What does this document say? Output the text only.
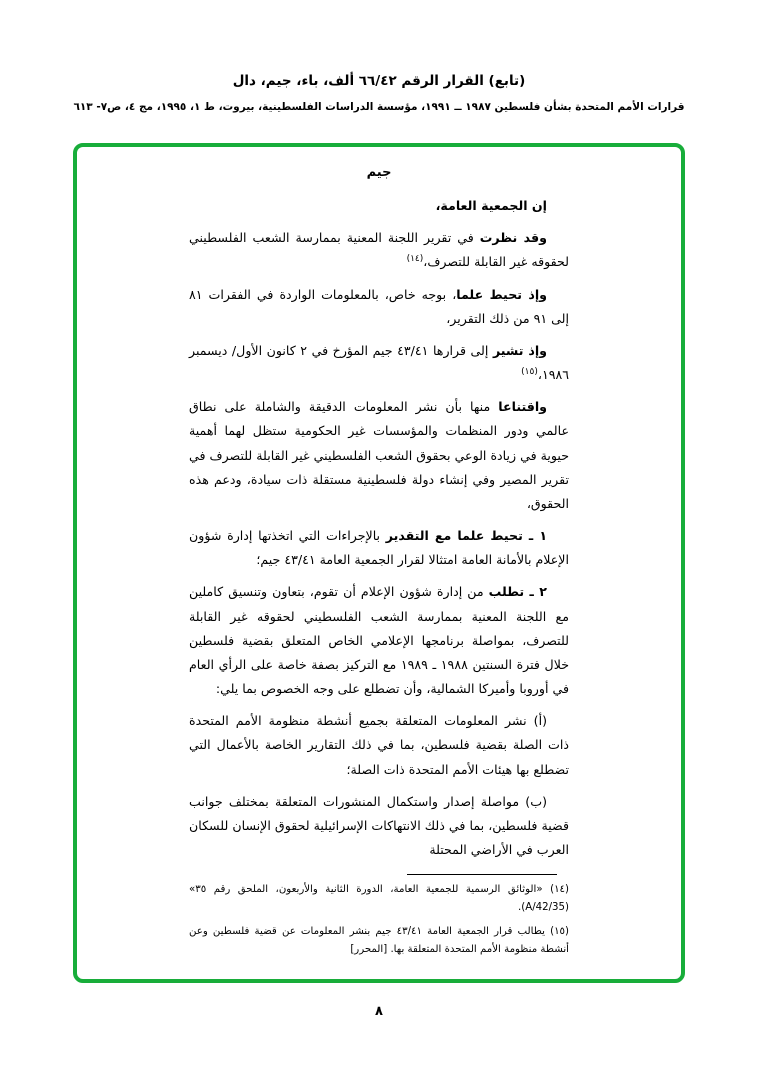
(تابع) القرار الرقم ٦٦/٤٢ ألف، باء، جيم، دال
قرارات الأمم المتحدة بشأن فلسطين ١٩٨٧ ــ ١٩٩١، مؤسسة الدراسات الفلسطينية، بيروت، ط ١، ١٩٩٥، مج ٤، ص٧- ٦١٣
جيم

إن الجمعية العامة،

وقد نظرت في تقرير اللجنة المعنية بممارسة الشعب الفلسطيني لحقوقه غير القابلة للتصرف،$^{(١٤)}$

وإذ تحيط علما، بوجه خاص، بالمعلومات الواردة في الفقرات ٨١ إلى ٩١ من ذلك التقرير،

وإذ تشير إلى قرارها ٤٣/٤١ جيم المؤرخ في ٢ كانون الأول/ ديسمبر ١٩٨٦،$^{(١٥)}$

واقتناعا منها بأن نشر المعلومات الدقيقة والشاملة على نطاق عالمي ودور المنظمات والمؤسسات غير الحكومية ستظل لهما أهمية حيوية في زيادة الوعي بحقوق الشعب الفلسطيني غير القابلة للتصرف في تقرير المصير وفي إنشاء دولة فلسطينية مستقلة ذات سيادة، ودعم هذه الحقوق،

١ ـ تحيط علما مع التقدير بالإجراءات التي اتخذتها إدارة شؤون الإعلام بالأمانة العامة امتثالا لقرار الجمعية العامة ٤٣/٤١ جيم؛

٢ ـ تطلب من إدارة شؤون الإعلام أن تقوم، بتعاون وتنسيق كاملين مع اللجنة المعنية بممارسة الشعب الفلسطيني لحقوقه غير القابلة للتصرف، بمواصلة برنامجها الإعلامي الخاص المتعلق بقضية فلسطين خلال فترة السنتين ١٩٨٨ ـ ١٩٨٩ مع التركيز بصفة خاصة على الرأي العام في أوروبا وأميركا الشمالية، وأن تضطلع على وجه الخصوص بما يلي:

(أ) نشر المعلومات المتعلقة بجميع أنشطة منظومة الأمم المتحدة ذات الصلة بقضية فلسطين، بما في ذلك التقارير الخاصة بالأعمال التي تضطلع بها هيئات الأمم المتحدة ذات الصلة؛

(ب) مواصلة إصدار واستكمال المنشورات المتعلقة بمختلف جوانب قضية فلسطين، بما في ذلك الانتهاكات الإسرائيلية لحقوق الإنسان للسكان العرب في الأراضي المحتلة

(١٤) «الوثائق الرسمية للجمعية العامة، الدورة الثانية والأربعون، الملحق رقم ٣٥» (A/42/35).

(١٥) يطالب قرار الجمعية العامة ٤٣/٤١ جيم بنشر المعلومات عن قضية فلسطين وعن أنشطة منظومة الأمم المتحدة المتعلقة بها. [المحرر]

٨
